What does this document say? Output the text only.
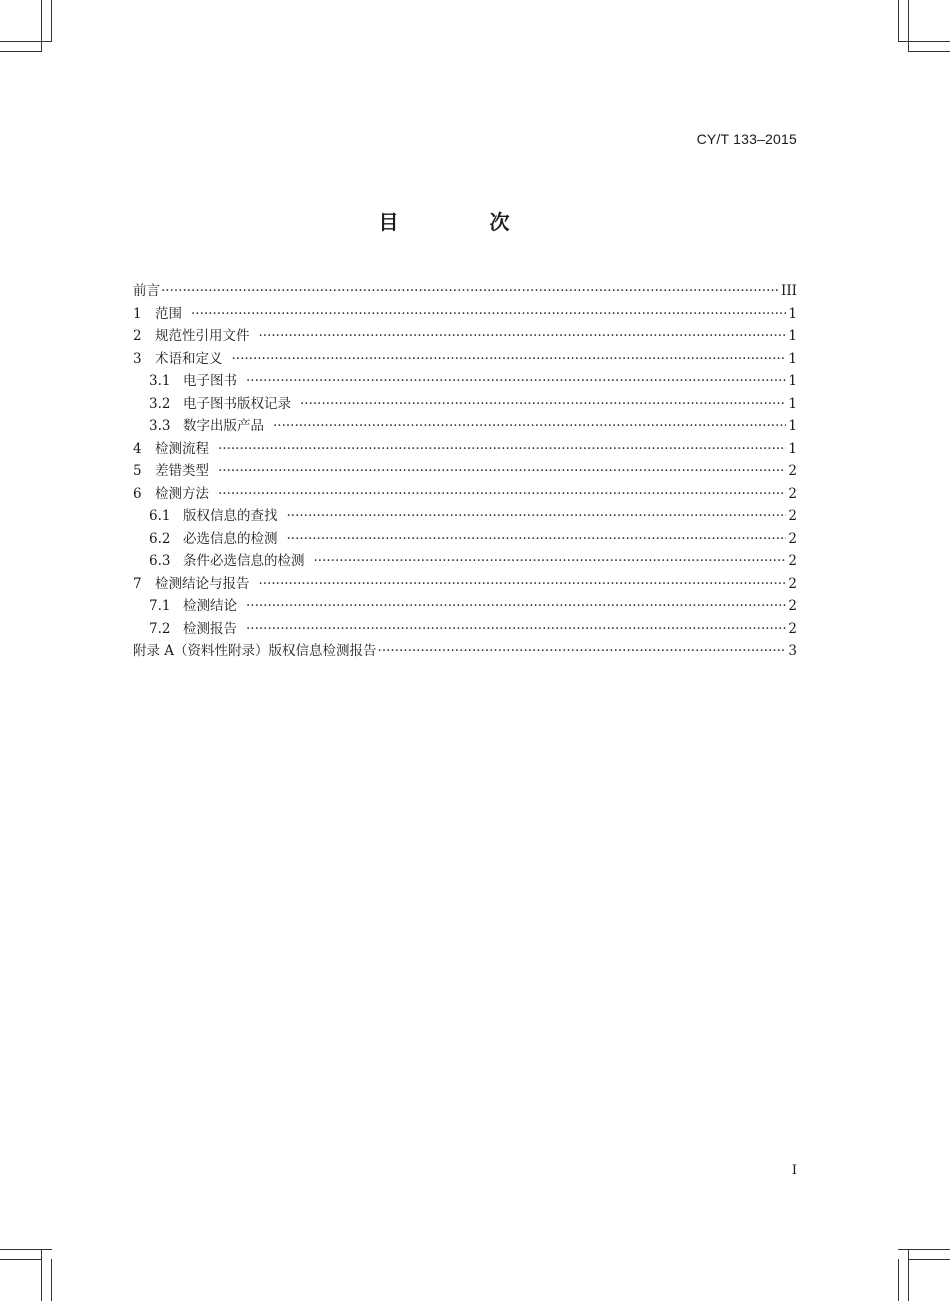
CY/T 133–2015
目 次
前言 ·····	III
1 范围 ·····	1
2 规范性引用文件 ·····	1
3 术语和定义 ·····	1
3.1 电子图书 ·····	1
3.2 电子图书版权记录 ·····	1
3.3 数字出版产品 ·····	1
4 检测流程 ·····	1
5 差错类型 ·····	2
6 检测方法 ·····	2
6.1 版权信息的查找 ·····	2
6.2 必选信息的检测 ·····	2
6.3 条件必选信息的检测 ·····	2
7 检测结论与报告 ·····	2
7.1 检测结论 ·····	2
7.2 检测报告 ·····	2
附录 A（资料性附录）版权信息检测报告 ·····	3
I
